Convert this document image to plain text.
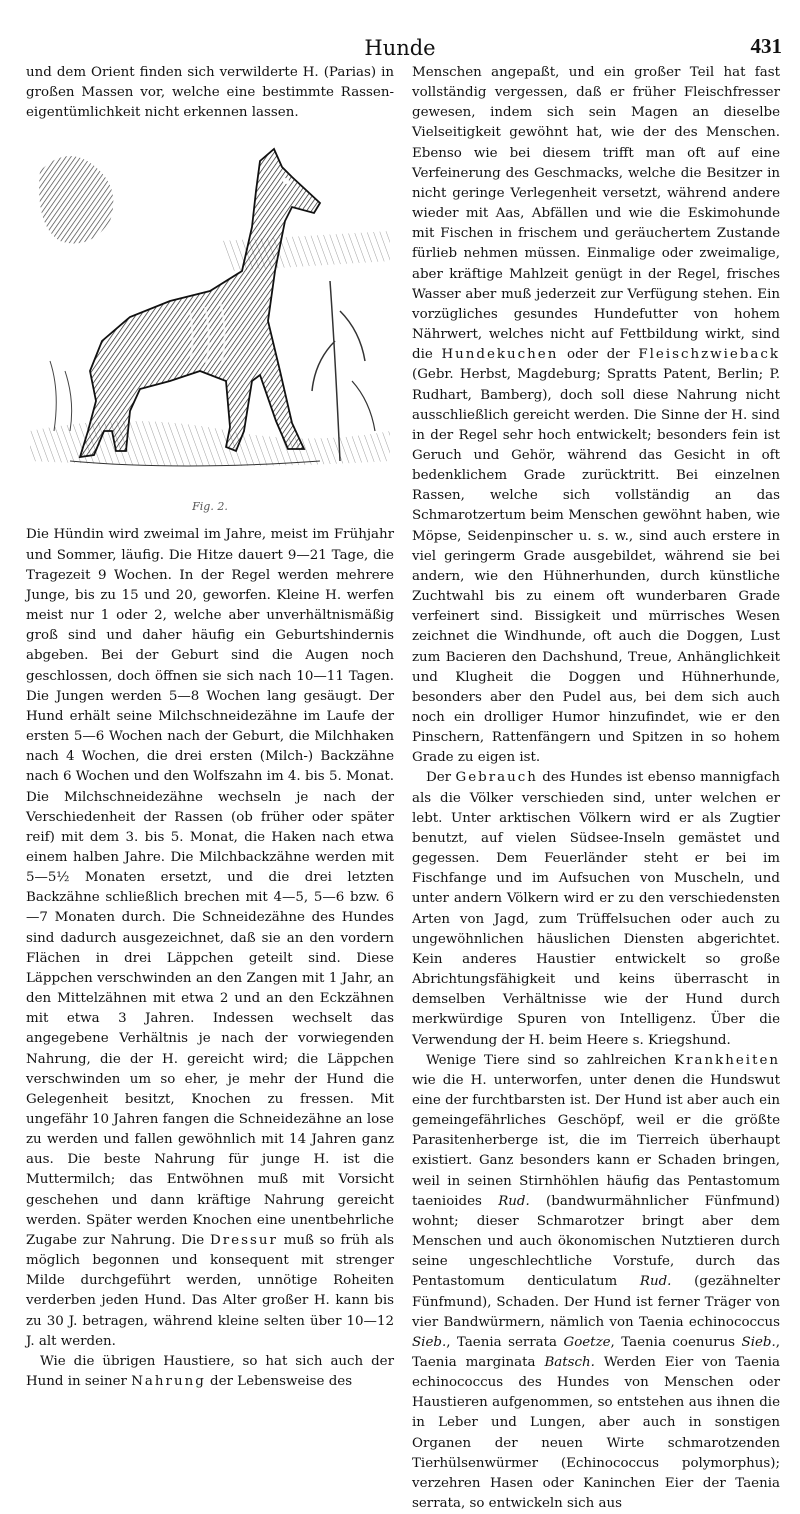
Hunde	431

und dem Orient finden sich verwilderte H. (Parias) in großen Massen vor, welche eine bestimmte Rassen-eigentümlichkeit nicht erkennen lassen.

Fig. 2.

Die Hündin wird zweimal im Jahre, meist im Frühjahr und Sommer, läufig. Die Hitze dauert 9—21 Tage, die Tragezeit 9 Wochen. In der Regel werden mehrere Junge, bis zu 15 und 20, geworfen. Kleine H. werfen meist nur 1 oder 2, welche aber unverhältnismäßig groß sind und daher häufig ein Geburtshindernis abgeben. Bei der Geburt sind die Augen noch geschlossen, doch öffnen sie sich nach 10—11 Tagen. Die Jungen werden 5—8 Wochen lang gesäugt. Der Hund erhält seine Milchschneidezähne im Laufe der ersten 5—6 Wochen nach der Geburt, die Milchhaken nach 4 Wochen, die drei ersten (Milch-) Backzähne nach 6 Wochen und den Wolfszahn im 4. bis 5. Monat. Die Milchschneidezähne wechseln je nach der Verschiedenheit der Rassen (ob früher oder später reif) mit dem 3. bis 5. Monat, die Haken nach etwa einem halben Jahre. Die Milchbackzähne werden mit 5—5½ Monaten ersetzt, und die drei letzten Backzähne schließlich brechen mit 4—5, 5—6 bzw. 6—7 Monaten durch. Die Schneidezähne des Hundes sind dadurch ausgezeichnet, daß sie an den vordern Flächen in drei Läppchen geteilt sind. Diese Läppchen verschwinden an den Zangen mit 1 Jahr, an den Mittelzähnen mit etwa 2 und an den Eckzähnen mit etwa 3 Jahren. Indessen wechselt das angegebene Verhältnis je nach der vorwiegenden Nahrung, die der H. gereicht wird; die Läppchen verschwinden um so eher, je mehr der Hund die Gelegenheit besitzt, Knochen zu fressen. Mit ungefähr 10 Jahren fangen die Schneidezähne an lose zu werden und fallen gewöhnlich mit 14 Jahren ganz aus. Die beste Nahrung für junge H. ist die Muttermilch; das Entwöhnen muß mit Vorsicht geschehen und dann kräftige Nahrung gereicht werden. Später werden Knochen eine unentbehrliche Zugabe zur Nahrung. Die Dressur muß so früh als möglich begonnen und konsequent mit strenger Milde durchgeführt werden, unnötige Roheiten verderben jeden Hund. Das Alter großer H. kann bis zu 30 J. betragen, während kleine selten über 10—12 J. alt werden.

Wie die übrigen Haustiere, so hat sich auch der Hund in seiner Nahrung der Lebensweise des

Menschen angepaßt, und ein großer Teil hat fast vollständig vergessen, daß er früher Fleischfresser gewesen, indem sich sein Magen an dieselbe Vielseitigkeit gewöhnt hat, wie der des Menschen. Ebenso wie bei diesem trifft man oft auf eine Verfeinerung des Geschmacks, welche die Besitzer in nicht geringe Verlegenheit versetzt, während andere wieder mit Aas, Abfällen und wie die Eskimohunde mit Fischen in frischem und geräuchertem Zustande fürlieb nehmen müssen. Einmalige oder zweimalige, aber kräftige Mahlzeit genügt in der Regel, frisches Wasser aber muß jederzeit zur Verfügung stehen. Ein vorzügliches gesundes Hundefutter von hohem Nährwert, welches nicht auf Fettbildung wirkt, sind die Hundekuchen oder der Fleischzwieback (Gebr. Herbst, Magdeburg; Spratts Patent, Berlin; P. Rudhart, Bamberg), doch soll diese Nahrung nicht ausschließlich gereicht werden. Die Sinne der H. sind in der Regel sehr hoch entwickelt; besonders fein ist Geruch und Gehör, während das Gesicht in oft bedenklichem Grade zurücktritt. Bei einzelnen Rassen, welche sich vollständig an das Schmarotzertum beim Menschen gewöhnt haben, wie Möpse, Seidenpinscher u. s. w., sind auch erstere in viel geringerm Grade ausgebildet, während sie bei andern, wie den Hühnerhunden, durch künstliche Zuchtwahl bis zu einem oft wunderbaren Grade verfeinert sind. Bissigkeit und mürrisches Wesen zeichnet die Windhunde, oft auch die Doggen, Lust zum Bacieren den Dachshund, Treue, Anhänglichkeit und Klugheit die Doggen und Hühnerhunde, besonders aber den Pudel aus, bei dem sich auch noch ein drolliger Humor hinzufindet, wie er den Pinschern, Rattenfängern und Spitzen in so hohem Grade zu eigen ist.

Der Gebrauch des Hundes ist ebenso mannigfach als die Völker verschieden sind, unter welchen er lebt. Unter arktischen Völkern wird er als Zugtier benutzt, auf vielen Südsee-Inseln gemästet und gegessen. Dem Feuerländer steht er bei im Fischfange und im Aufsuchen von Muscheln, und unter andern Völkern wird er zu den verschiedensten Arten von Jagd, zum Trüffelsuchen oder auch zu ungewöhnlichen häuslichen Diensten abgerichtet. Kein anderes Haustier entwickelt so große Abrichtungsfähigkeit und keins überrascht in demselben Verhältnisse wie der Hund durch merkwürdige Spuren von Intelligenz. Über die Verwendung der H. beim Heere s. Kriegshund.

Wenige Tiere sind so zahlreichen Krankheiten wie die H. unterworfen, unter denen die Hundswut eine der furchtbarsten ist. Der Hund ist aber auch ein gemeingefährliches Geschöpf, weil er die größte Parasitenherberge ist, die im Tierreich überhaupt existiert. Ganz besonders kann er Schaden bringen, weil in seinen Stirnhöhlen häufig das Pentastomum taenioides Rud. (bandwurmähnlicher Fünfmund) wohnt; dieser Schmarotzer bringt aber dem Menschen und auch ökonomischen Nutztieren durch seine ungeschlechtliche Vorstufe, durch das Pentastomum denticulatum Rud. (gezähnelter Fünfmund), Schaden. Der Hund ist ferner Träger von vier Bandwürmern, nämlich von Taenia echinococcus Sieb., Taenia serrata Goetze, Taenia coenurus Sieb., Taenia marginata Batsch. Werden Eier von Taenia echinococcus des Hundes von Menschen oder Haustieren aufgenommen, so entstehen aus ihnen die in Leber und Lungen, aber auch in sonstigen Organen der neuen Wirte schmarotzenden Tierhülsenwürmer (Echinococcus polymorphus); verzehren Hasen oder Kaninchen Eier der Taenia serrata, so entwickeln sich aus
